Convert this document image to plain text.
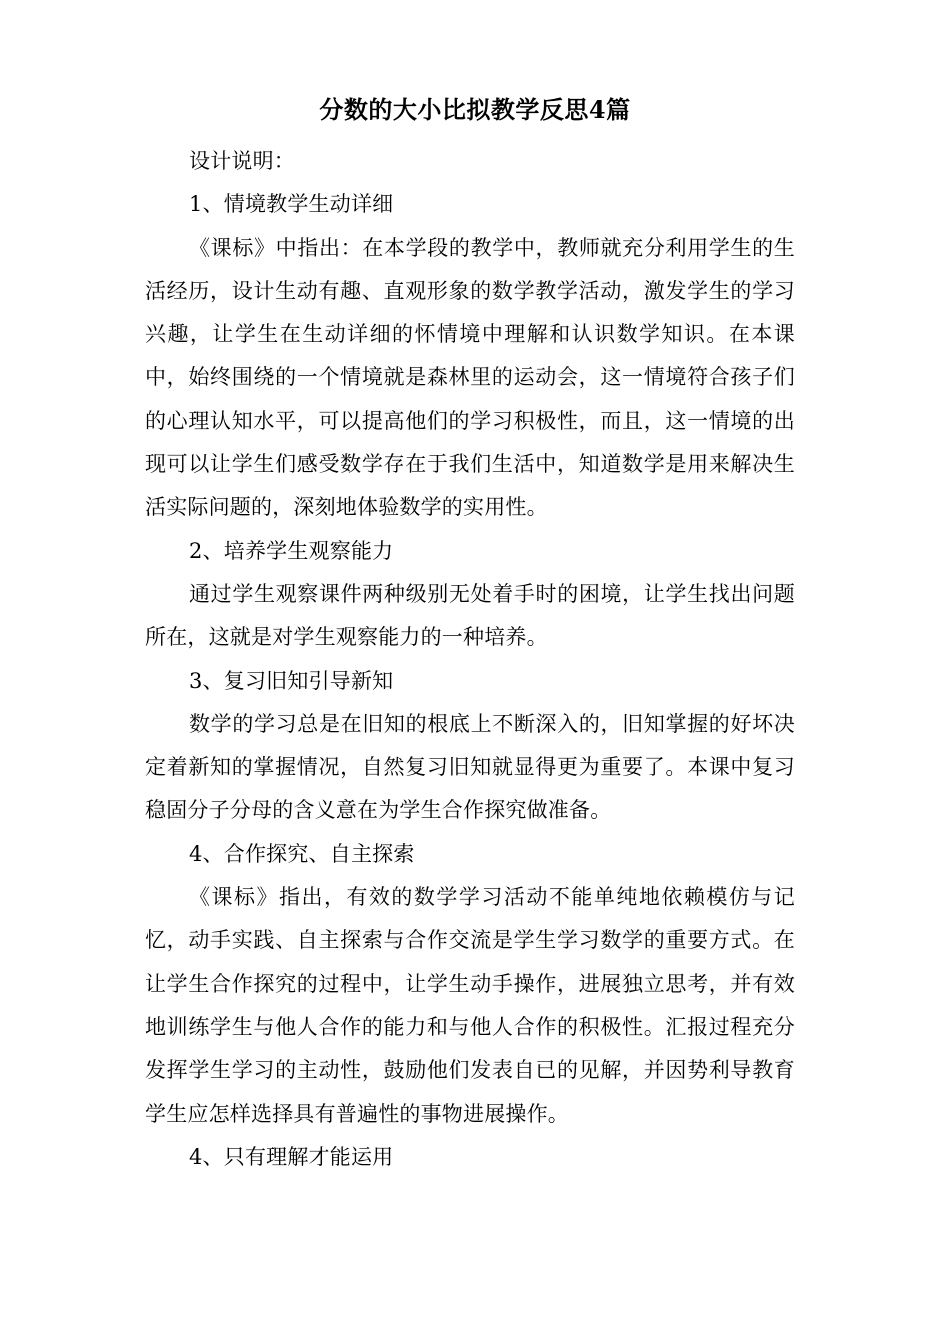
分数的大小比拟教学反思4篇

设计说明：

1、情境教学生动详细

《课标》中指出：在本学段的教学中，教师就充分利用学生的生活经历，设计生动有趣、直观形象的数学教学活动，激发学生的学习兴趣，让学生在生动详细的怀情境中理解和认识数学知识。在本课中，始终围绕的一个情境就是森林里的运动会，这一情境符合孩子们的心理认知水平，可以提高他们的学习积极性，而且，这一情境的出现可以让学生们感受数学存在于我们生活中，知道数学是用来解决生活实际问题的，深刻地体验数学的实用性。

2、培养学生观察能力

通过学生观察课件两种级别无处着手时的困境，让学生找出问题所在，这就是对学生观察能力的一种培养。

3、复习旧知引导新知

数学的学习总是在旧知的根底上不断深入的，旧知掌握的好坏决定着新知的掌握情况，自然复习旧知就显得更为重要了。本课中复习稳固分子分母的含义意在为学生合作探究做准备。

4、合作探究、自主探索

《课标》指出，有效的数学学习活动不能单纯地依赖模仿与记忆，动手实践、自主探索与合作交流是学生学习数学的重要方式。在让学生合作探究的过程中，让学生动手操作，进展独立思考，并有效地训练学生与他人合作的能力和与他人合作的积极性。汇报过程充分发挥学生学习的主动性，鼓励他们发表自已的见解，并因势利导教育学生应怎样选择具有普遍性的事物进展操作。

4、只有理解才能运用
